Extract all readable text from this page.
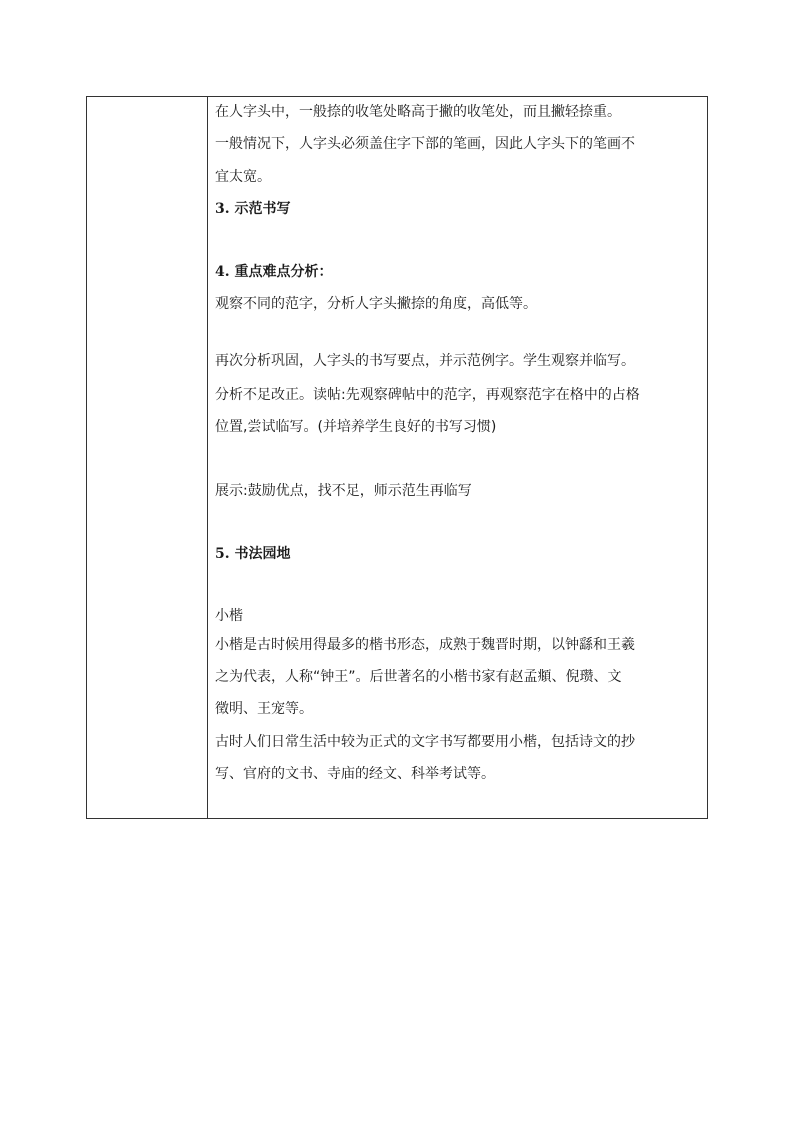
在人字头中，一般捺的收笔处略高于撇的收笔处，而且撇轻捺重。
一般情况下，人字头必须盖住字下部的笔画，因此人字头下的笔画不
宜太宽。
3. 示范书写
4. 重点难点分析：
观察不同的范字，分析人字头撇捺的角度，高低等。
再次分析巩固，人字头的书写要点，并示范例字。学生观察并临写。
分析不足改正。读帖:先观察碑帖中的范字，再观察范字在格中的占格
位置,尝试临写。(并培养学生良好的书写习惯)
展示:鼓励优点，找不足，师示范生再临写
5. 书法园地
小楷
小楷是古时候用得最多的楷书形态，成熟于魏晋时期，以钟繇和王羲
之为代表，人称“钟王”。后世著名的小楷书家有赵孟頫、倪瓒、文
徵明、王宠等。
古时人们日常生活中较为正式的文字书写都要用小楷，包括诗文的抄
写、官府的文书、寺庙的经文、科举考试等。
